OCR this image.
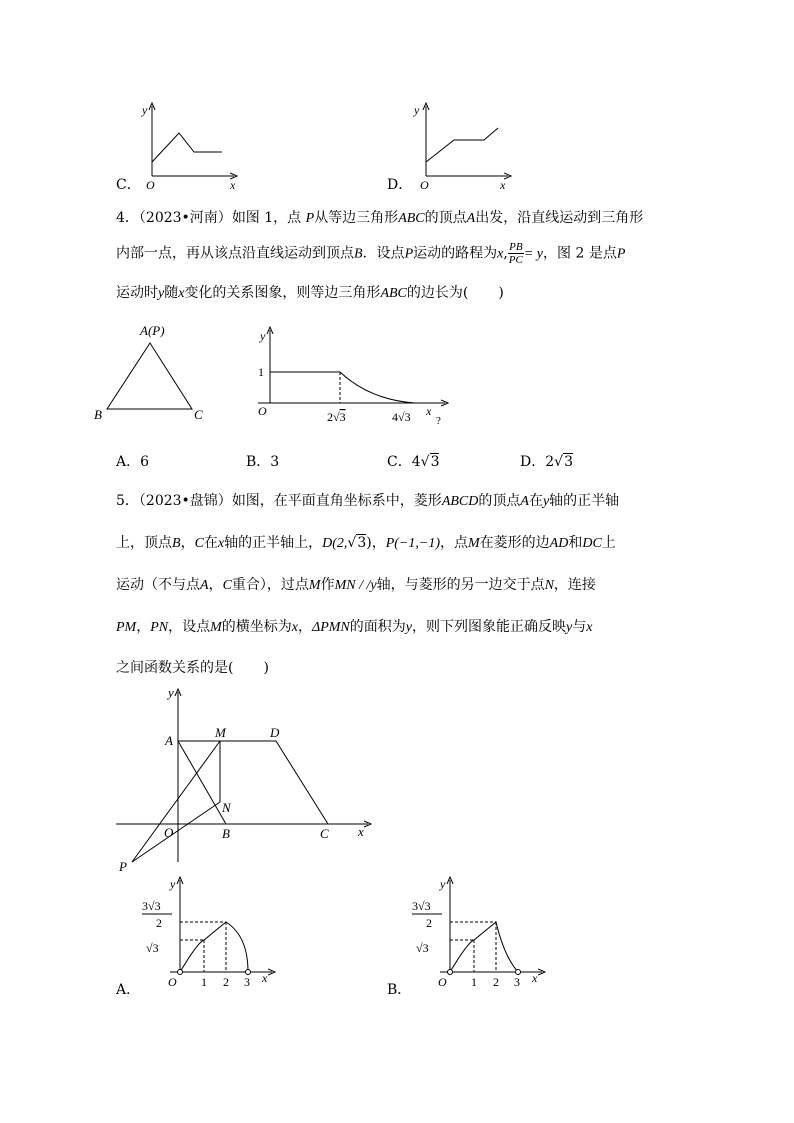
y
x
O
C．
y
x
O
D．
4．（2023•河南）如图 1，点 P从等边三角形ABC的顶点A出发，沿直线运动到三角形
内部一点，再从该点沿直线运动到顶点B．设点P运动的路程为x, $\frac{PB}{PC} = y$，图 2 是点P
运动时y随x变化的关系图象，则等边三角形ABC的边长为( )
A(P)
B	C
y
1
O	2√3	4√3 x
?
A．6	B．3	C．4√3	D．2√3
5．（2023•盘锦）如图，在平面直角坐标系中，菱形ABCD的顶点A在y轴的正半轴
上，顶点B，C在x轴的正半轴上，D(2,√3)，P(−1,−1)，点M在菱形的边AD和DC上
运动（不与点A，C重合），过点M作MN / /y轴，与菱形的另一边交于点N，连接
PM，PN，设点M的横坐标为x，ΔPMN的面积为y，则下列图象能正确反映y与x
之间函数关系的是( )
y
A
M	D
N
O	B	C
P
x
y
3√3
2
√3
O 1 2 3 x
A．
y
3√3
2
√3
O 1 2 3 x
B．
